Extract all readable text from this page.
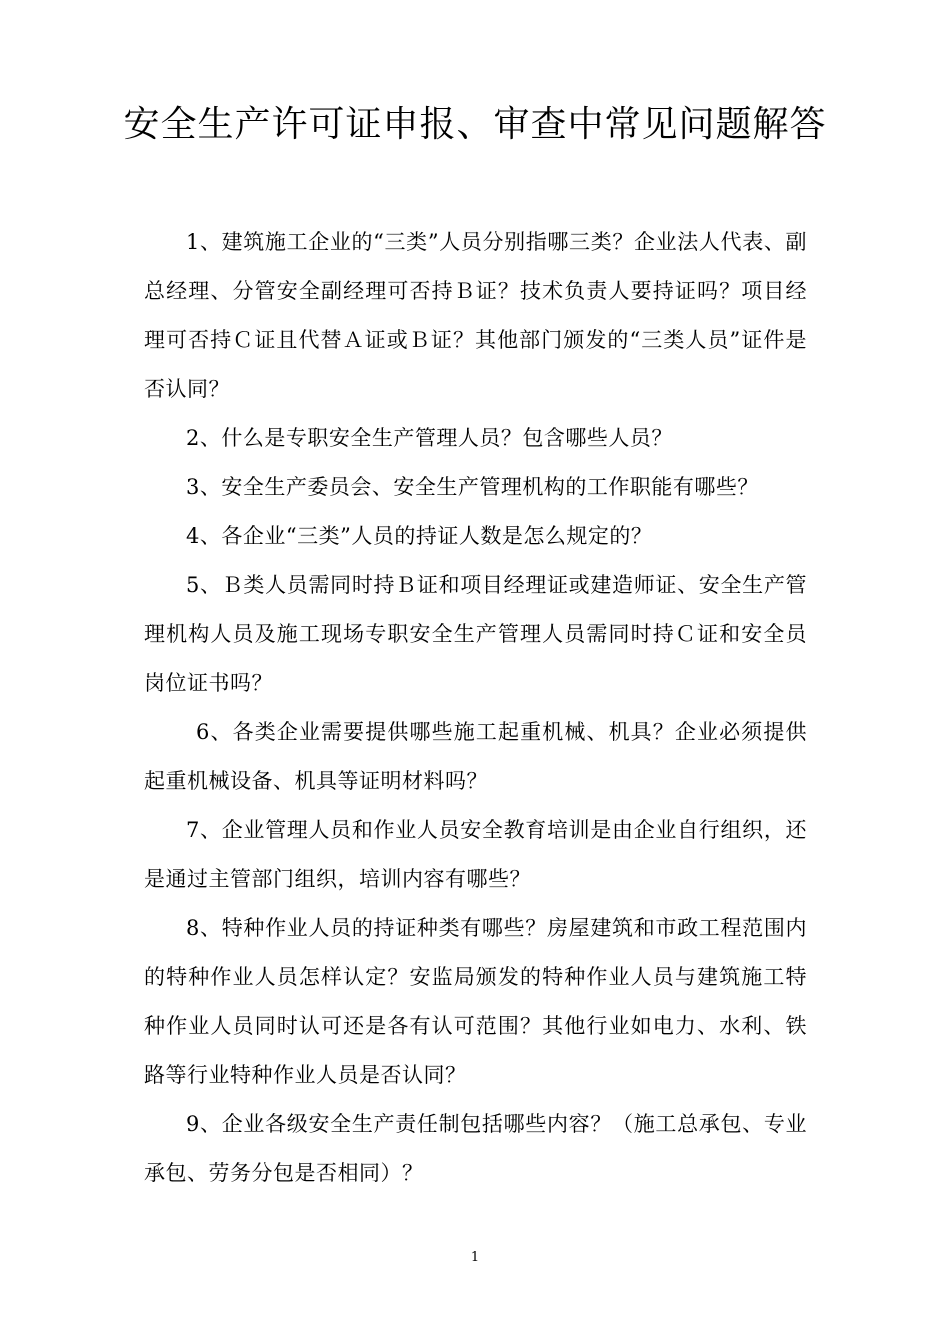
安全生产许可证申报、审查中常见问题解答

1、建筑施工企业的“三类”人员分别指哪三类？企业法人代表、副总经理、分管安全副经理可否持Ｂ证？技术负责人要持证吗？项目经理可否持Ｃ证且代替Ａ证或Ｂ证？其他部门颁发的“三类人员”证件是否认同？

2、什么是专职安全生产管理人员？包含哪些人员？

3、安全生产委员会、安全生产管理机构的工作职能有哪些？

4、各企业“三类”人员的持证人数是怎么规定的？

5、Ｂ类人员需同时持Ｂ证和项目经理证或建造师证、安全生产管理机构人员及施工现场专职安全生产管理人员需同时持Ｃ证和安全员岗位证书吗？

6、各类企业需要提供哪些施工起重机械、机具？企业必须提供起重机械设备、机具等证明材料吗？

7、企业管理人员和作业人员安全教育培训是由企业自行组织，还是通过主管部门组织，培训内容有哪些？

8、特种作业人员的持证种类有哪些？房屋建筑和市政工程范围内的特种作业人员怎样认定？安监局颁发的特种作业人员与建筑施工特种作业人员同时认可还是各有认可范围？其他行业如电力、水利、铁路等行业特种作业人员是否认同？

9、企业各级安全生产责任制包括哪些内容？（施工总承包、专业承包、劳务分包是否相同）？

1
